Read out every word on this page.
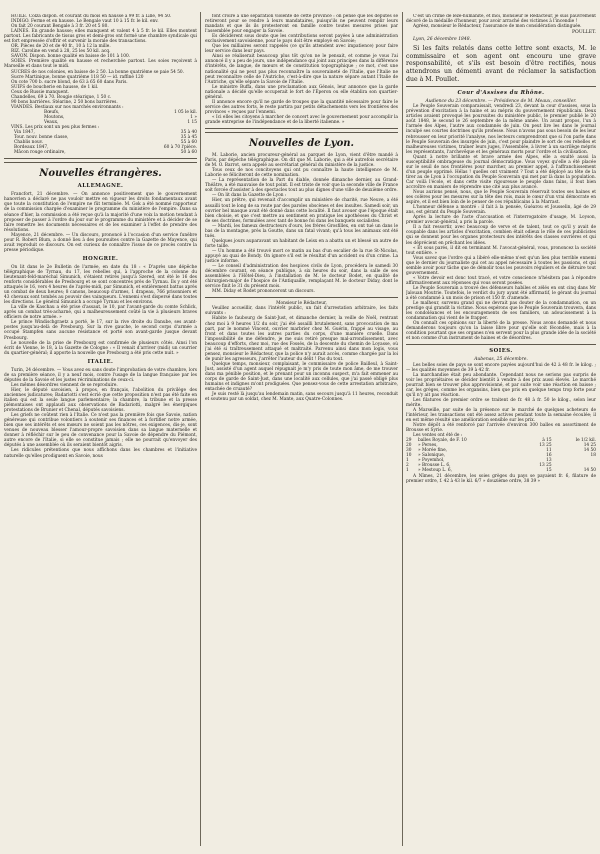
HUILE. Colza dispon. et courant du mois en hausse à 99 fr. à Lille, 94 50.

INDIGO. Ferme et en hausse. Le Bengale vaut 10 à 15 fr. le kil. env.

On fait 20 courant Bengale à 3 fr. 20 et 5 80.

LAINES. En grande hausse; elles manquent et valent 4 à 5 fr. le kil. Elles montent partout. Les fabricants de tissus gros et demi-gros ont formé une chambre syndicale qui est fort empressée d'offrir et survenir la morale des transactions.

OR. Pièces de 20 et de 40 fr., 10 à 12 la mille.

RIZ. Caroline en vend à 28, 25 les 50 kil. acq.

SAVON. Dispon. bonne qualité en baisse de 101 à 100.

SOIES. Première qualité en hausse et recherchée partout. Les soies reçoivent à Marseille et dans tout le midi.

SUCRES de nos colonies, en baisse de 2 50. La bonne quatrième se paie 54 50.

Sucre Martinique, bonne quatrième 118 50 — id. raffiné 120

On cote 700 b. sucre blond, de 63 à 65 60 dans Paris.

SUIFS de boucherie en hausse, de 1 kil.

Ceux de Russie manquent.

Chandelles, 69 à 70. Bougie stéarique, 1 50 c.

90 bons barrières. Stéarine, 2 50 bons barrières.

VIANDES. Bestiaux sur nos marchés environnants :

Bœufs,	1 05 le kil.
Moutons,	1 »
Veaux,	1 15

VINS. Les prix sont un peu plus fermes :

Vin 1847,	35 à 40
Tour. nouv. bonne classe,	35 à 45
Chablis nouv.	55 à 60
Bordeaux 1847,	60 à 70 l'pièce.
Mâcon rouge ordinaire,	50 à 60
Nouvelles étrangères.
ALLEMAGNE.

Francfort, 21 décembre. — On annonce positivement que le gouvernement hanovrien a déclaré ne pas vouloir mettre en vigueur les droits fondamentaux avant que toute la constitution de l'empire ne fût terminée. M. Gok a été nommé rapporteur de la commission chargée d'examiner le programme du ministère de l'empire. Dans sa séance d'hier, la commission a été reçue qu'à la majorité d'une voix la motion tendant à proposer de passer à l'ordre du jour sur le programme du ministère et à décider de se faire remettre les documents nécessaires et de les examiner à l'effet de prendre des résolutions.

Mayence, 21 décembre. — Un discours, prononcé à l'occasion d'un service funèbre pour R. Robert Blum, a donné lieu à des poursuites contre la Gazette de Mayence, qui avait reproduit ce discours. On est curieux de connaître l'issue de ce procès contre la presse périodique.

HONGRIE.

On lit dans le 2e Bulletin de l'armée, en date du 18 : « D'après une dépêche télégraphique de Tyrnau, du 17, les rebelles qui, à l'approche de la colonne du lieutenant-feld-maréchal Simunich, s'étaient retirés jusqu'à Szered, ont été le 16 des renforts considérables de Presbourg et se sont concentrés près de Tyrnau. Ils y ont été attaqués le 16, vers 4 heures de l'après-midi, par Simunich, et entièrement battus après un combat de deux heures; 8 canons, beaucoup d'armes, 1 drapeau, 766 prisonniers et 43 chevaux sont tombés au pouvoir des vainqueurs. L'ennemi s'est dispersé dans toutes les directions. Le général Simunich a occupé Tyrnau et les environs.

La ville de Kaschau a été prise d'assaut, le 10, par l'avant-garde du comte Schlick, après un combat très-acharné, qui a malheureusement coûté la vie à plusieurs braves officiers de notre armée. »

Le prince Windischgraetz a porté, le 17, sur la rive droite du Danube, ses avant-postes jusqu'au-delà de Presbourg. Sur la rive gauche, le second corps d'armée a occupé Stampfen sans aucune résistance et porté son avant-garde jusque devant Presbourg.

Le nouvelle de la prise de Presbourg est confirmée de plusieurs côtés. Ainsi l'on écrit de Vienne, le 18, à la Gazette de Cologne : « Il venait d'arriver (midi) un courrier du quartier-général; il apporte la nouvelle que Presbourg a été pris cette nuit. »

ITALIE.

Turin, 24 décembre. — Vous avez eu sans doute l'improbation de votre chambre, lors de sa première séance, il y a neuf mois, contre l'usage de la langue française par les députés de la Savoie et les justes récriminations de ceux-ci.

Les mêmes désordres viennent de se reproduire.

Hier, le député savoisien, à propos, en français, l'abolition du privilège des anciennes judicatures; Badariotti s'est écrié que cette proposition n'est pas été faite en italien qui est la seule langue parlementaire; la chambre, la tribune et la presse piémontaises ont applaudi aux observations de Badariotti, malgré les énergiques protestations de Brunier et Chenal, députés savoisiens.

Les griefs ne coûtent rien à l'Italie. Ce n'est pas la première fois que Savoie, nation généreuse qui contribue volontiers à soutenir ses finances et à fortifier notre armée, bien que ses intérêts et ses mœurs ne soient pas les nôtres, ces exigences, dis-je, sont venues de nouveau blesser l'amour-propre savoisien dans sa langue maternelle et donner à réfléchir sur le peu de convenance pour la Savoie de dépendre du Piémont, autre encore de l'Italie, si elle se constitue jamais ; elle ne pourrait qu'envoyer des députés à une assemblée où ils seraient bientôt aigris.

Les ridicules prétentions que nous affichons dans les chambres et l'initiative naturelle qu'elles prodiguent en Savoie, nous

font croire à une séparation violente de cette province : on pense que les députés se retireront pour se rendre à leurs mandataires, puisqu'ils ne peuvent remplir leurs mandats et que ils ils protesteront en famille contre toutes mesures prises par l'assemblée pour engager la Savoie.

Es décidèrent sous doute que les contributions seront payées à une administration exclusivement savoisienne, pour le pays doit être employé en Savoie;

Que les milliaires seront rappelés (ce qu'ils attendent avec impatience) pour faire leur service dans leur pays.

Ainsi se réaliserait beaucoup plus tôt qu'on ne le pensait, et comme je vous l'ai annoncé il y a peu de jours, une indépendance qui joint aux principes dans la différence d'intérêts, de langue, de mœurs et de constitution topographique ; ce mot, c'est une nationalité qui ne peut pas plus reconnaître la souveraineté de l'Italie, que l'Italie ne peut reconnaître celle de l'Autriche, c'est-à-dire que la nature sépare autant l'Italie de l'Autriche, qu'elle sépare la Savoie de l'Italie.

Le ministre Buffa, dans une proclamation aux Génois, leur annonce que la garde nationale a décidé qu'elle occuperait le fort de l'Éperon ou elle établira son quartier-général.

Il annonce encore qu'il ne garde de troupes que la quantité nécessaire pour faire le service des autres forts, le reste partira par petits détachements vers les frontières des provinces « reçues par l'ennemi.

« Ici elles les citoyens à marcher de concert avec le gouvernement pour accomplir la grande entreprise de l'indépendance et de la liberté italienne. »

Nouvelles de Lyon.

M. Laborie, ancien procureur-général au parquet de Lyon, vient d'être mandé à Paris, par dépêche télégraphique. On dit que M. Laborie, qui a été autrefois secrétaire de M. O. Barrot, sera appelé au secrétariat général du ministère de la justice.

Tous ceux de nos concitoyens qui ont pu connaître la haute intelligence de M. Laborie se féliciteront de cette nomination.

— La représentation de la Part du diable, donnée dimanche dernier, au Grand-Théâtre, a été mauvaise de tout point. Il est triste de voir que la seconde ville de France soit forcée d'assister à des spectacles tout au plus dignes d'une ville de deuxième ordre.

— On lit dans la Gazette de Lyon :

Hier, un prêtre, qui revenait d'accomplir un ministère de charité, rue Neuve, a été assailli tout le long de sa route par des paroles obscènes et des insultes. Samedi soir, un ouvrier bel masque avait été donné dans cette localité. Il faut avouer que l'époque était bien choisie, et que c'est mettre au sentiment en pratique les apothéoses du Christ et de ses doctrines, formulées avec tant de bonne foi dans les banquets socialistes.

— Mardi, les fameux destructeurs d'ours, les frères Grosfillex, en ont tué un dans le bas de la montagne, près la Goutte, dans un fatal vivant; qu'à tous les animaux ont été tués.

Quelques jours auparavant un habitant de Leisx en a abattu un et blessé un autre de forte taille.

— Un homme a été trouvé mort ce matin au bas d'un escalier de la rue St-Nicolas, appuyé au quai de Bondy. On ignore s'il est le résultat d'un accident ou d'un crime. La justice informe.

— Le conseil d'administration des hospices civils de Lyon, procédera le samedi 30 décembre courant, en séance publique, à six heures du soir, dans la salle de ses assemblées à l'Hôtel-Dieu, à l'installation de M. le docteur Bodet, en qualité de chirurgien-major de l'hospice de l'Antiquaille, remplaçant M. le docteur Diday, dont le service finit le 31 du présent mois.

MM. Diday et Rodet prononceront un discours.

Monsieur le Rédacteur,

Veuillez accueillir, dans l'intérêt public, un fait d'arrestation arbitraire, les faits suivants :

Habite le faubourg de Saint-Just, et dimanche dernier, la veille de Noël, rentrant chez moi à 9 heures 1/2 du soir, j'ai été assailli brutalement, sans provocation de ma part, par le nommé Vincent, ouvrier marbrier chez M. Guérin, frappé au visage, au front et dans toutes les autres parties du corps, d'une manière cruelle. Dans l'impossibilité de me défendre, je me suis retiré presque mal-arrondissement, avec beaucoup d'efforts, chez moi, rue des Fossés, de la descente du chemin de Loyasse, où j'ai été si traîtreusement attaqué et maltraité. Parvenu ainsi dans mon logis, vous pensez, monsieur le Rédacteur, que la police n'y aurait accès, comme chargée par la loi de punir les agresseurs, j'arrêter l'auteur du délit ! Pas du tout.

Quelque temps, monsieur, complaisant, le commissaire de police Bailleul, à Saint-Just, assisté d'un agent auquel répugnait je m'y pris de toute mon âme, de me trouver dans ma pénible position, et le prenant pour un inconnu suspect, m'a fait emmener au corps de garde de Saint-Just, dans une localité aux cellules, que j'ai passé obligé plus humains et indignes m'ont prodiguées. Que pensez-vous de cette arrestation arbitraire, entachée de cruauté?

Je suis resté là jusqu'au lendemain matin, sans secours jusqu'à 11 heures, reconduit et soutenu par un soldat, chez M. Mante, aux Quatre-Colonnes.

C'est un crime de lèze-humanité, et moi, monsieur le Rédacteur, je suis pauvrement décoré de la médaille d'honneur, pour avoir arraché des victimes à l'incendie !

Agréez, monsieur le Rédacteur, l'assurance de mon considération distinguée.

POULLET.

Lyon, 26 décembre 1848.

Si les faits relatés dans cette lettre sont exacts, M. le commissaire et son agent ont encouru une grave responsabilité, et s'ils est besoin d'être rectifiés, nous attendrons un démenti avant de réclamer la satisfaction due à M. Poullet.

Cour d'Assises du Rhône.

Audience du 23 décembre. — Présidence de M. Meaux, conseiller.

Le Peuple Souverain comparaissait, vendredi 23, devant la cour d'assises, sous la prévention d'excitation à la haine et au mépris du gouvernement républicain. Deux articles avaient provoqué les poursuites du ministère public, le premier publié le 20 août 1848, le second le 26 septembre de la même année. Un avant propos, l'un à l'armée des Alpes, l'autre aux condamnés de juin. On peut lire les dans le journal inculpé ses courtes doctrines qu'ils professe. Nous n'avons pas sous besoin de les leur rebrousser en leur priorité l'analyse, nos lecteurs comprendront que si l'on parle dans le Peuple Souverain des insurgés de juin, c'est pour plaindre le sort de ces rebelles et malheureuses victimes, traîner leurs juges, l'Assemblée, à livrer à un sacrilège mépris les représentants, l'archevêque et les généraux morts pour l'ordre et la civilisation.

Quant à notre brillante et brave armée des Alpes, elle a exulté aussi la susceptibilité ombrageuse du journal démocratique. Vous voyez qu'elle a été placée sur le seuil de nos frontières pour marcher, au premier appel, à l'affranchissement d'un peuple opprimé. Hélas ! quelles ont vraiment ? Tout a été déployé au tête de la tirer au de Lyon à l'occupation du Peuple Souverain qui met par là dans la population. Car voilà l'école, et dans cette visite rigoureuse le peuple dans fains, il fout bien accroître en maniers de réprendre une cité aux plus avancé.

Nous aurions pensé, nous, que le Peuple Souverain réservait toutes ses haines et ses colères pour les mesures sur la tête des rois, mais le cœur d'un vrai démocrate en aspire, et il est bien loin de le penser de ces républicains à la Marrast.

L'honneur défense a montré : il fait à la pensée, Guéarou et Jousselin, âgé de 29 ans, est gérant du Peuple Souverain.

Après la lecture de l'acte d'accusation et l'interrogatoire d'usage, M. Loyson, premier avocat-général, a pris la parole.

Il a fait ressortir, avec beaucoup de verve et de talent, tout ce qu'il y avait de coupable dans les articles d'excitation, combien était odieux le rôle de ces publicistes qui se donnent pour les organes protecteurs des intérêts des classes ouvrières et qui les déprécient en prêchant les idées.

« Et sous parés, il dit en terminant M. l'avocat-général, vous, prononcez la société tout entière. »

Vous savez que l'ordre qui a libéré elle-même n'est qu'un lieu plus terrible ennemi que le dernier du journaliste qui cet au appel nécessaire à toutes les passions, et qui semble avoir pour tâche que de démolir tous les pouvoirs réguliers et de détruire tout gouvernement.

« Votre devoir est donc tout tracé, et votre conscience n'hésitera pas à répondre affirmativement aux réponses qui vous seront posées.

Le Peuple Souverain a trouvé des défenseurs habiles et zélés en ont cinq dans Mr Jalouan Moutrie. Toutefois, le verdict du jury ayant été affirmatif, le gérant du journal a été condamné à un mois de prison et 150 fr. d'amende.

Le malheur, survenu grand qui ne devrait pas douter de la condamnation, on un prestige qui grandit la victime. Nous espérons que le Peuple Souverain trouvera, dans les condoléances et les encouragements de ses familiers, un adoucissement à la condamnation qui vient de le frapper.

On connaît ces opinions sur la liberté de la presse. Nous avons demandé et nous demanderons toujours qu'on la laisse libre pour qu'elle soit fécondée, mais à la condition pourtant que ses organes n'en servent pour la plus grande idée de la société et non comme d'un instrument de haines et de désordres.

SOIES.

Aubenas, 25 décembre.

Les belles soies de pays se sont encore payées aujourd'hui de 42 à 48 fr. le kilog. ; — les qualités moyennes de 39 à 42 fr.

La marchandise était peu abondante. Cependant nous ne serions pas surpris de voir les propriétaires se décider bientôt à vendre à des prix aussi élevés. Le marché pourrait bien se trouver plus approvisionné, et par suite voir une réaction en baisse ; car, les grèges, comme les organsins, bien que pris en quelque temps trop forte pour qu'il n'y ait pas réaction.

Les filatures de premier ordre se traitent de fr. 48 à fr. 50 le kilog., selon leur mérite.

A Marseille, par suite de la présence sur le marché de quelques acheteurs de l'intérieur, les transactions ont été assez actives pendant toute la semaine écoulée; il en est même résulté une amélioration sensible sur les prix.

Notre dépôt a été renforcé par l'arrivée d'environ 300 balles en assortiment de Brousse et Syrie.

Les ventes ont été de :

29	balles Royale, de F. 10	à 15	le 1/2 kil.
20	» Perses,	13 25	14 25
30	» Morée fine,	11	14 50
10	» Salonique,	16	18
1	» Poyemhol,	13	
2	» Brousse L. 6,	13 25	
1	» Mestoup L. 6,	15	14 50

A Nîmes, 21 décembre, les soies grèges du pays se payaient fr. 6, filature de premier ordre, f. 42 à 43 le kil. 6/7 » douzième ordre, 38 39 »
